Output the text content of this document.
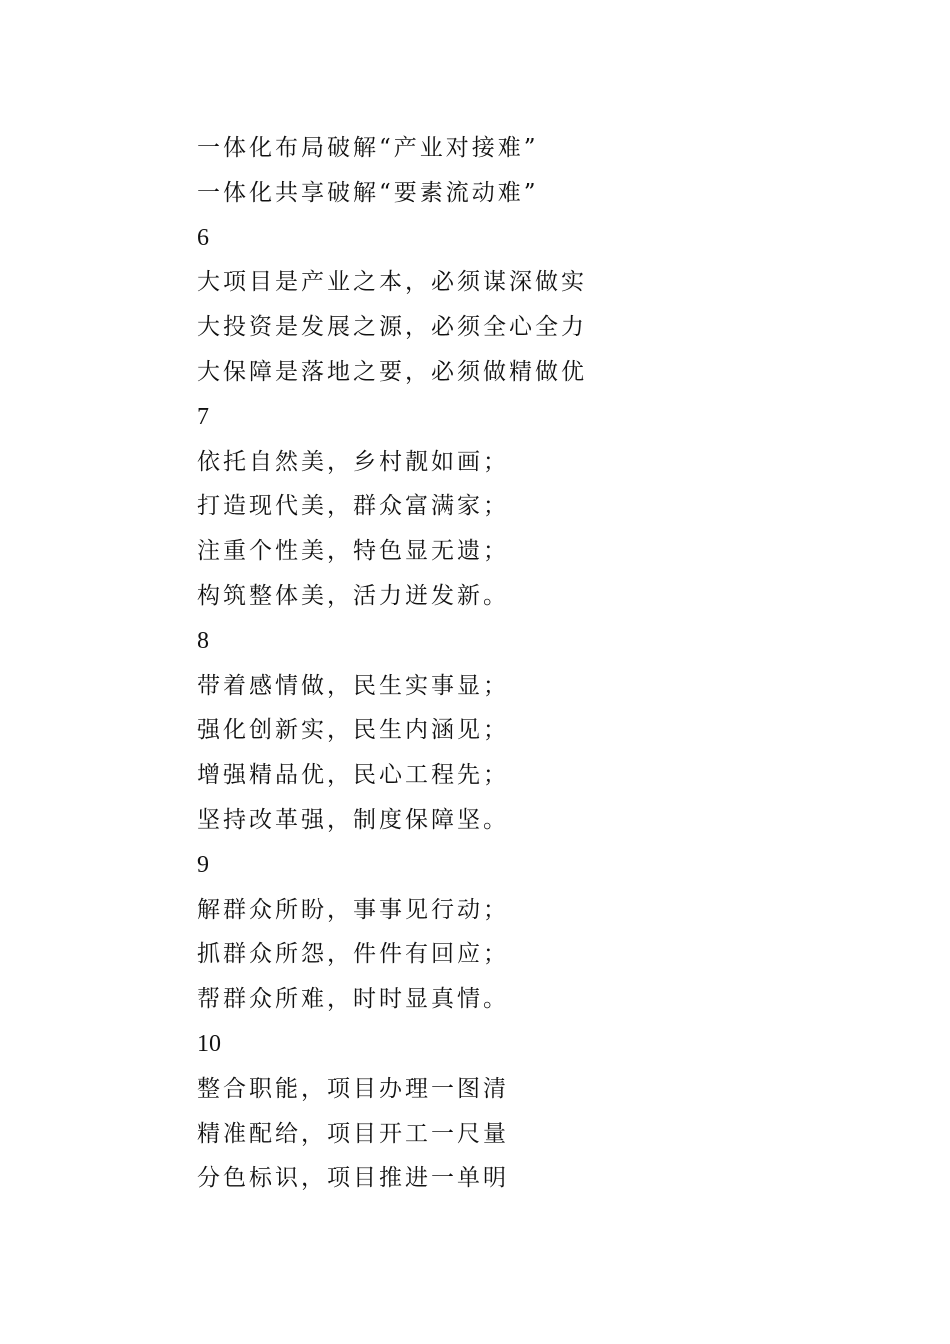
一体化布局破解“产业对接难”
一体化共享破解“要素流动难”
6
大项目是产业之本，必须谋深做实
大投资是发展之源，必须全心全力
大保障是落地之要，必须做精做优
7
依托自然美，乡村靓如画；
打造现代美，群众富满家；
注重个性美，特色显无遗；
构筑整体美，活力迸发新。
8
带着感情做，民生实事显；
强化创新实，民生内涵见；
增强精品优，民心工程先；
坚持改革强，制度保障坚。
9
解群众所盼，事事见行动；
抓群众所怨，件件有回应；
帮群众所难，时时显真情。
10
整合职能，项目办理一图清
精准配给，项目开工一尺量
分色标识，项目推进一单明
